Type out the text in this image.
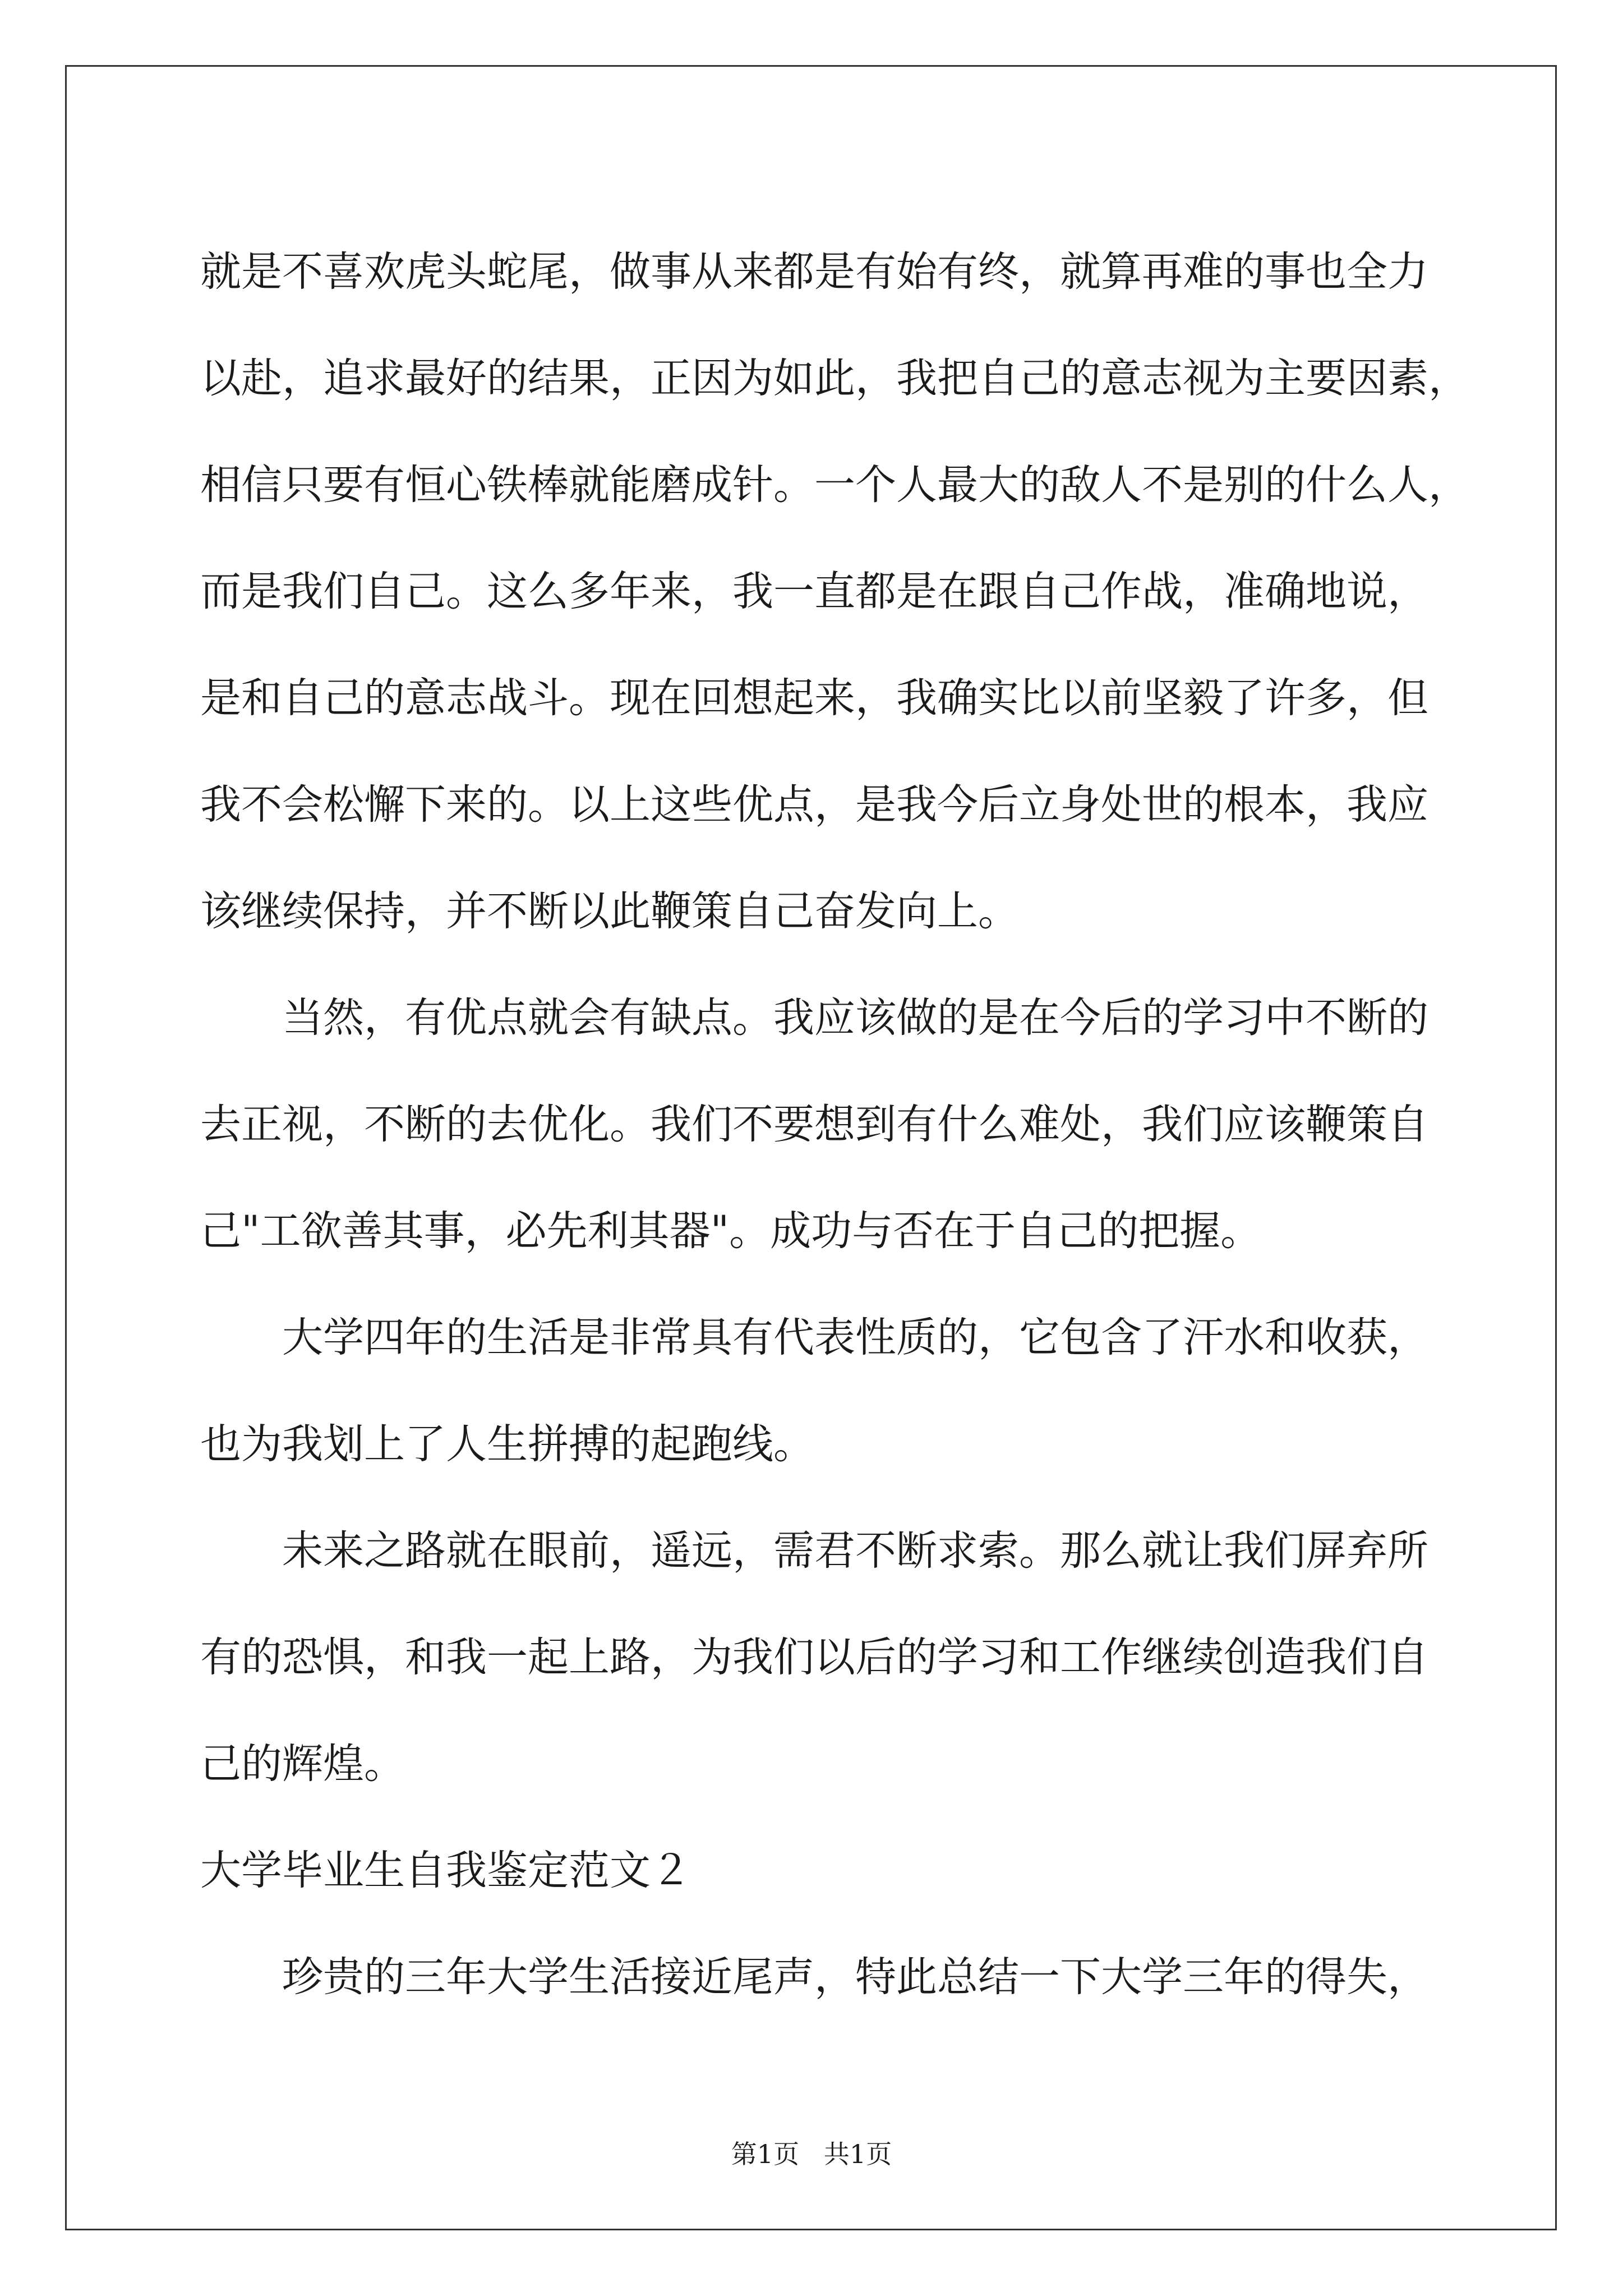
就是不喜欢虎头蛇尾，做事从来都是有始有终，就算再难的事也全力

以赴，追求最好的结果，正因为如此，我把自己的意志视为主要因素，

相信只要有恒心铁棒就能磨成针。一个人最大的敌人不是别的什么人，

而是我们自己。这么多年来，我一直都是在跟自己作战，准确地说，

是和自己的意志战斗。现在回想起来，我确实比以前坚毅了许多，但

我不会松懈下来的。以上这些优点，是我今后立身处世的根本，我应

该继续保持，并不断以此鞭策自己奋发向上。

当然，有优点就会有缺点。我应该做的是在今后的学习中不断的

去正视，不断的去优化。我们不要想到有什么难处，我们应该鞭策自

己"工欲善其事，必先利其器"。成功与否在于自己的把握。

大学四年的生活是非常具有代表性质的，它包含了汗水和收获，

也为我划上了人生拼搏的起跑线。

未来之路就在眼前，遥远，需君不断求索。那么就让我们屏弃所

有的恐惧，和我一起上路，为我们以后的学习和工作继续创造我们自

己的辉煌。

大学毕业生自我鉴定范文２

珍贵的三年大学生活接近尾声，特此总结一下大学三年的得失，

第1页   共1页
